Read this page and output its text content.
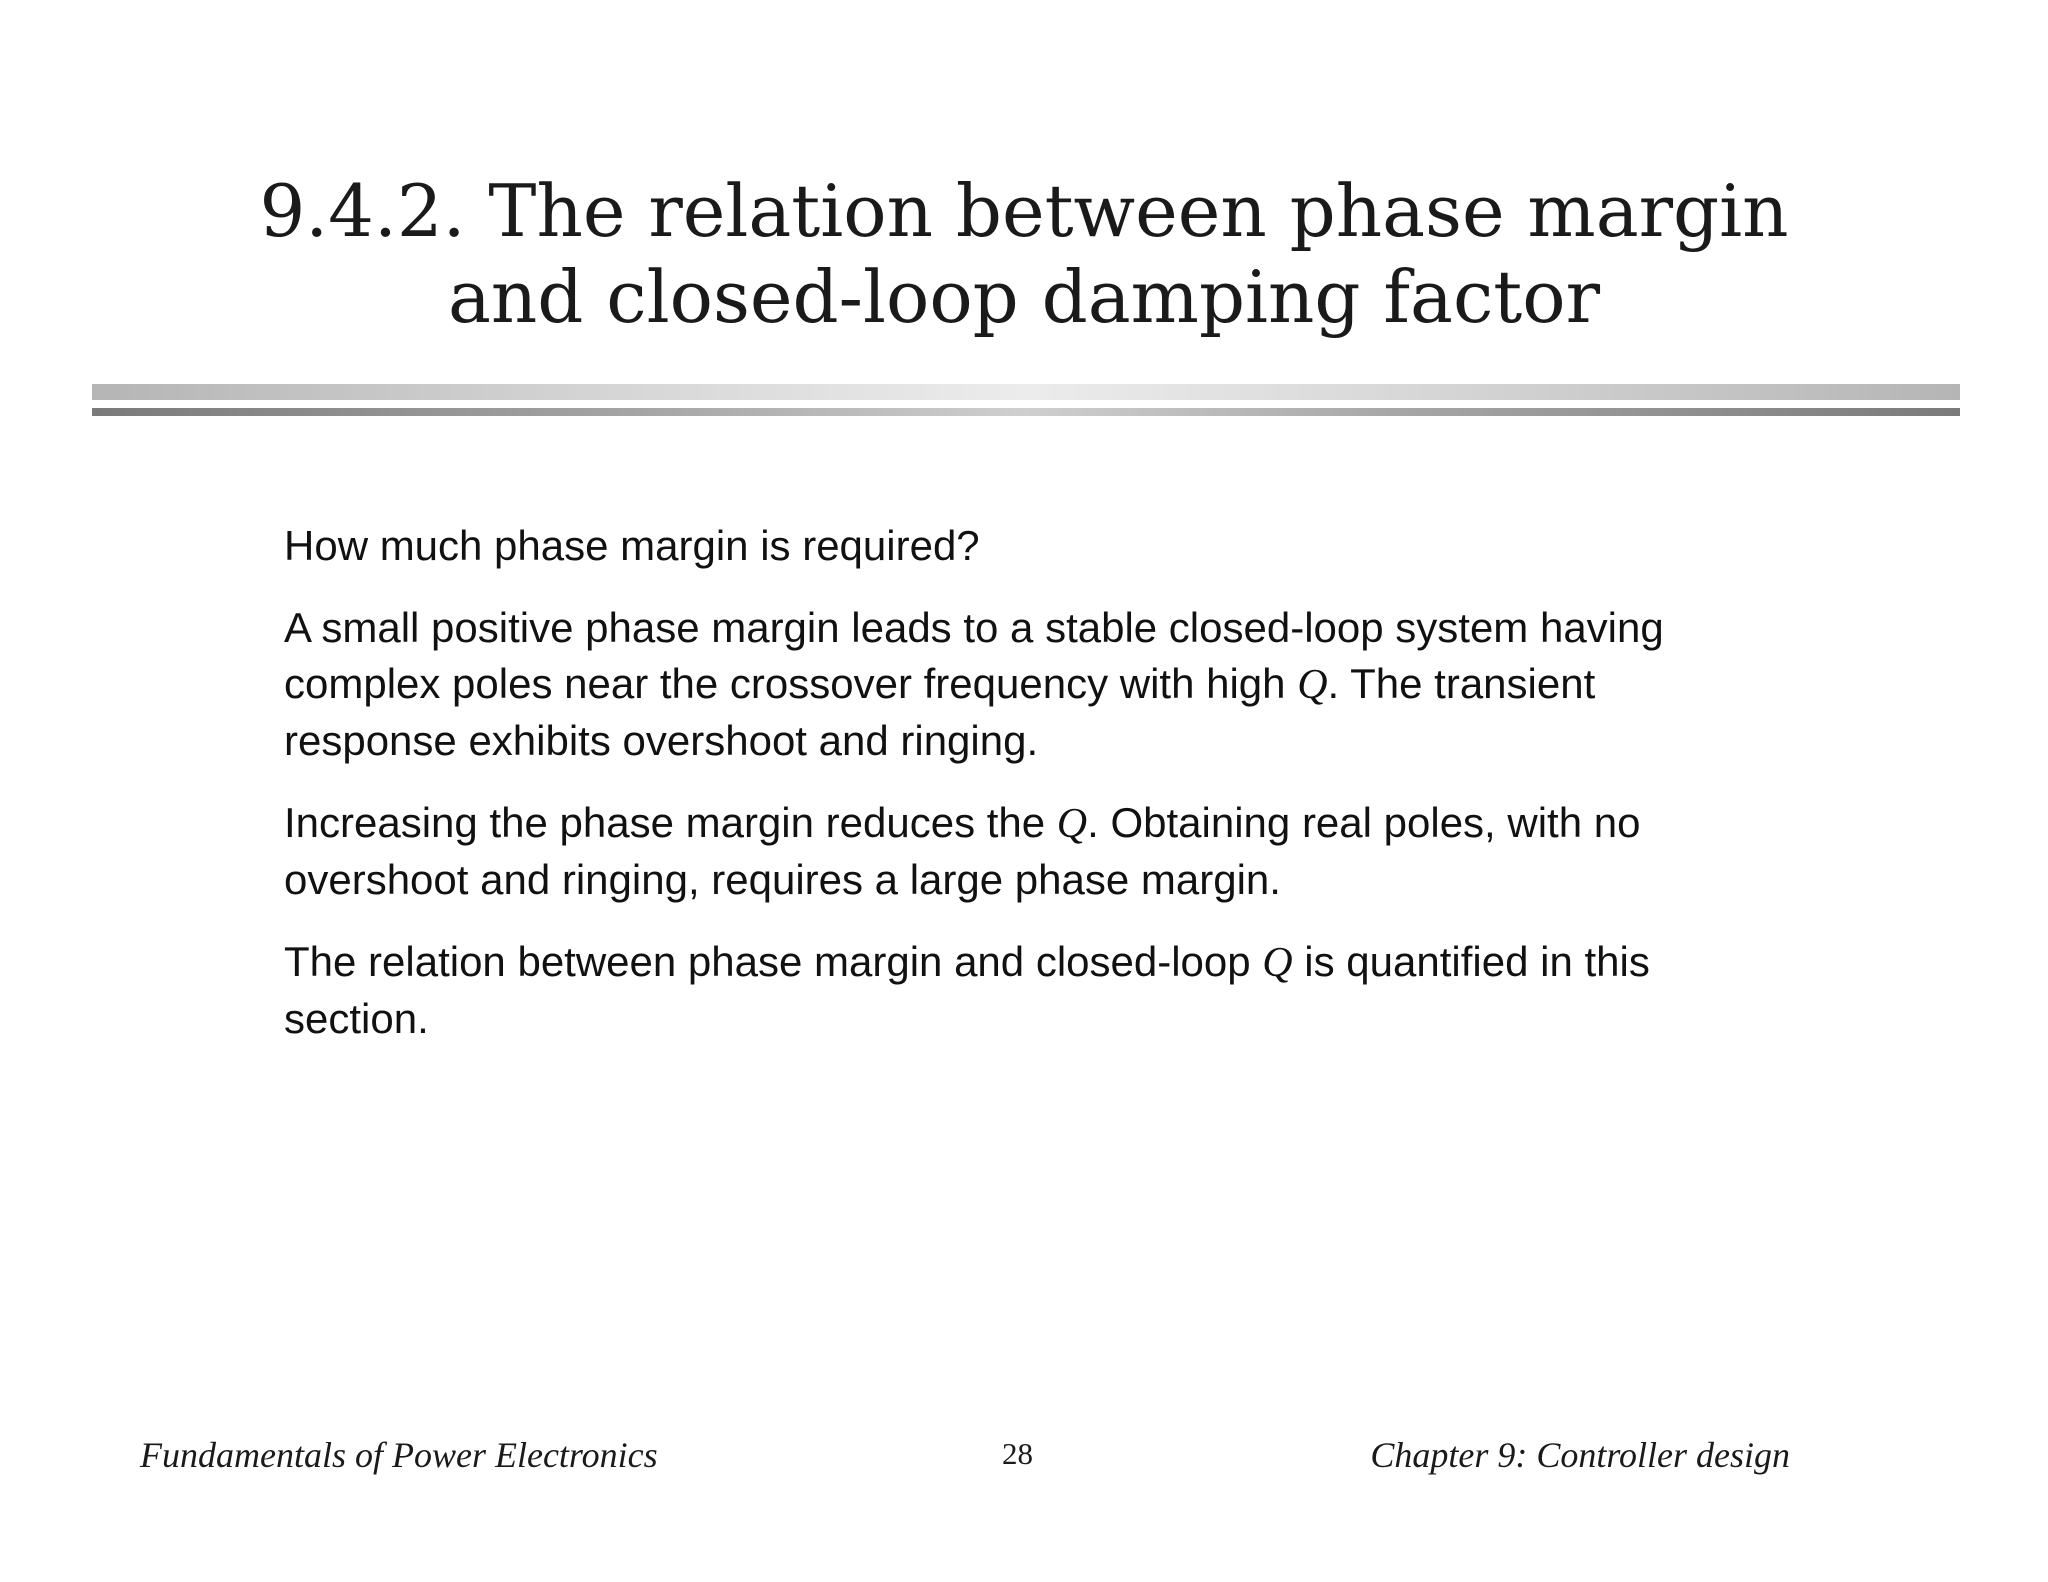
9.4.2. The relation between phase margin
and closed-loop damping factor

How much phase margin is required?

A small positive phase margin leads to a stable closed-loop system having complex poles near the crossover frequency with high Q. The transient response exhibits overshoot and ringing.

Increasing the phase margin reduces the Q. Obtaining real poles, with no overshoot and ringing, requires a large phase margin.

The relation between phase margin and closed-loop Q is quantified in this section.

Fundamentals of Power Electronics	28	Chapter 9: Controller design
